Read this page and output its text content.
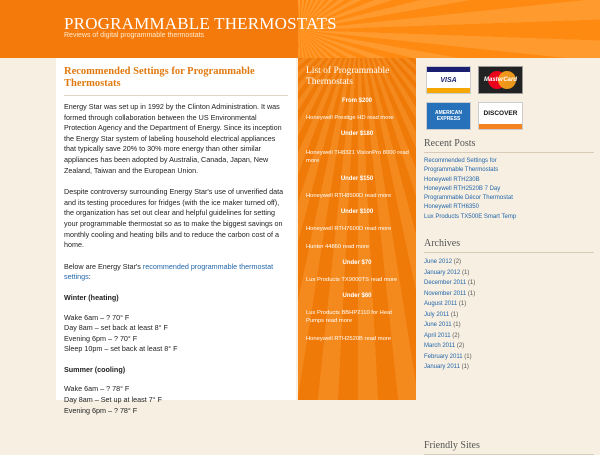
PROGRAMMABLE THERMOSTATS
Reviews of digital programmable thermostats
Recommended Settings for Programmable Thermostats

Energy Star was set up in 1992 by the Clinton Administration. It was formed through collaboration between the US Environmental Protection Agency and the Department of Energy. Since its inception the Energy Star system of labeling household electrical appliances that typically save 20% to 30% more energy than other similar appliances has been adopted by Australia, Canada, Japan, New Zealand, Taiwan and the European Union.

Despite controversy surrounding Energy Star's use of unverified data and its testing procedures for fridges (with the ice maker turned off), the organization has set out clear and helpful guidelines for setting your programmable thermostat so as to make the biggest savings on monthly cooling and heating bills and to reduce the carbon cost of a home.

Below are Energy Star's recommended programmable thermostat settings:

Winter (heating)

Wake 6am – ? 70° F
Day 8am – set back at least 8° F
Evening 6pm – ? 70° F
Sleep 10pm – set back at least 8° F

Summer (cooling)

Wake 6am – ? 78° F
Day 8am – Set up at least 7° F
Evening 6pm – ? 78° F
List of Programmable Thermostats
From $200
Honeywell Prestige HD read more
Under $180
Honeywell TH8321 VisionPro 8000 read more
Under $150
Honeywell RTH8500D read more
Under $100
Honeywell RTH7600D read more
Hunter 44860 read more
Under $70
Lux Products TX9000TS read more
Under $60
Lux Products BBHP2110 for Heat Pumps read more
Honeywell RTH2520B read more
VISA	MasterCard
AMERICAN EXPRESS
DISCOVER
Recent Posts
Recommended Settings for
Programmable Thermostats
Honeywell RTH230B
Honeywell RTH2520B 7 Day
Programmable Décor Thermostat
Honeywell RTH6350
Lux Products TX500E Smart Temp
Archives
June 2012 (2)
January 2012 (1)
December 2011 (1)
November 2011 (1)
August 2011 (1)
July 2011 (1)
June 2011 (1)
April 2011 (2)
March 2011 (2)
February 2011 (1)
January 2011 (1)
Friendly Sites
